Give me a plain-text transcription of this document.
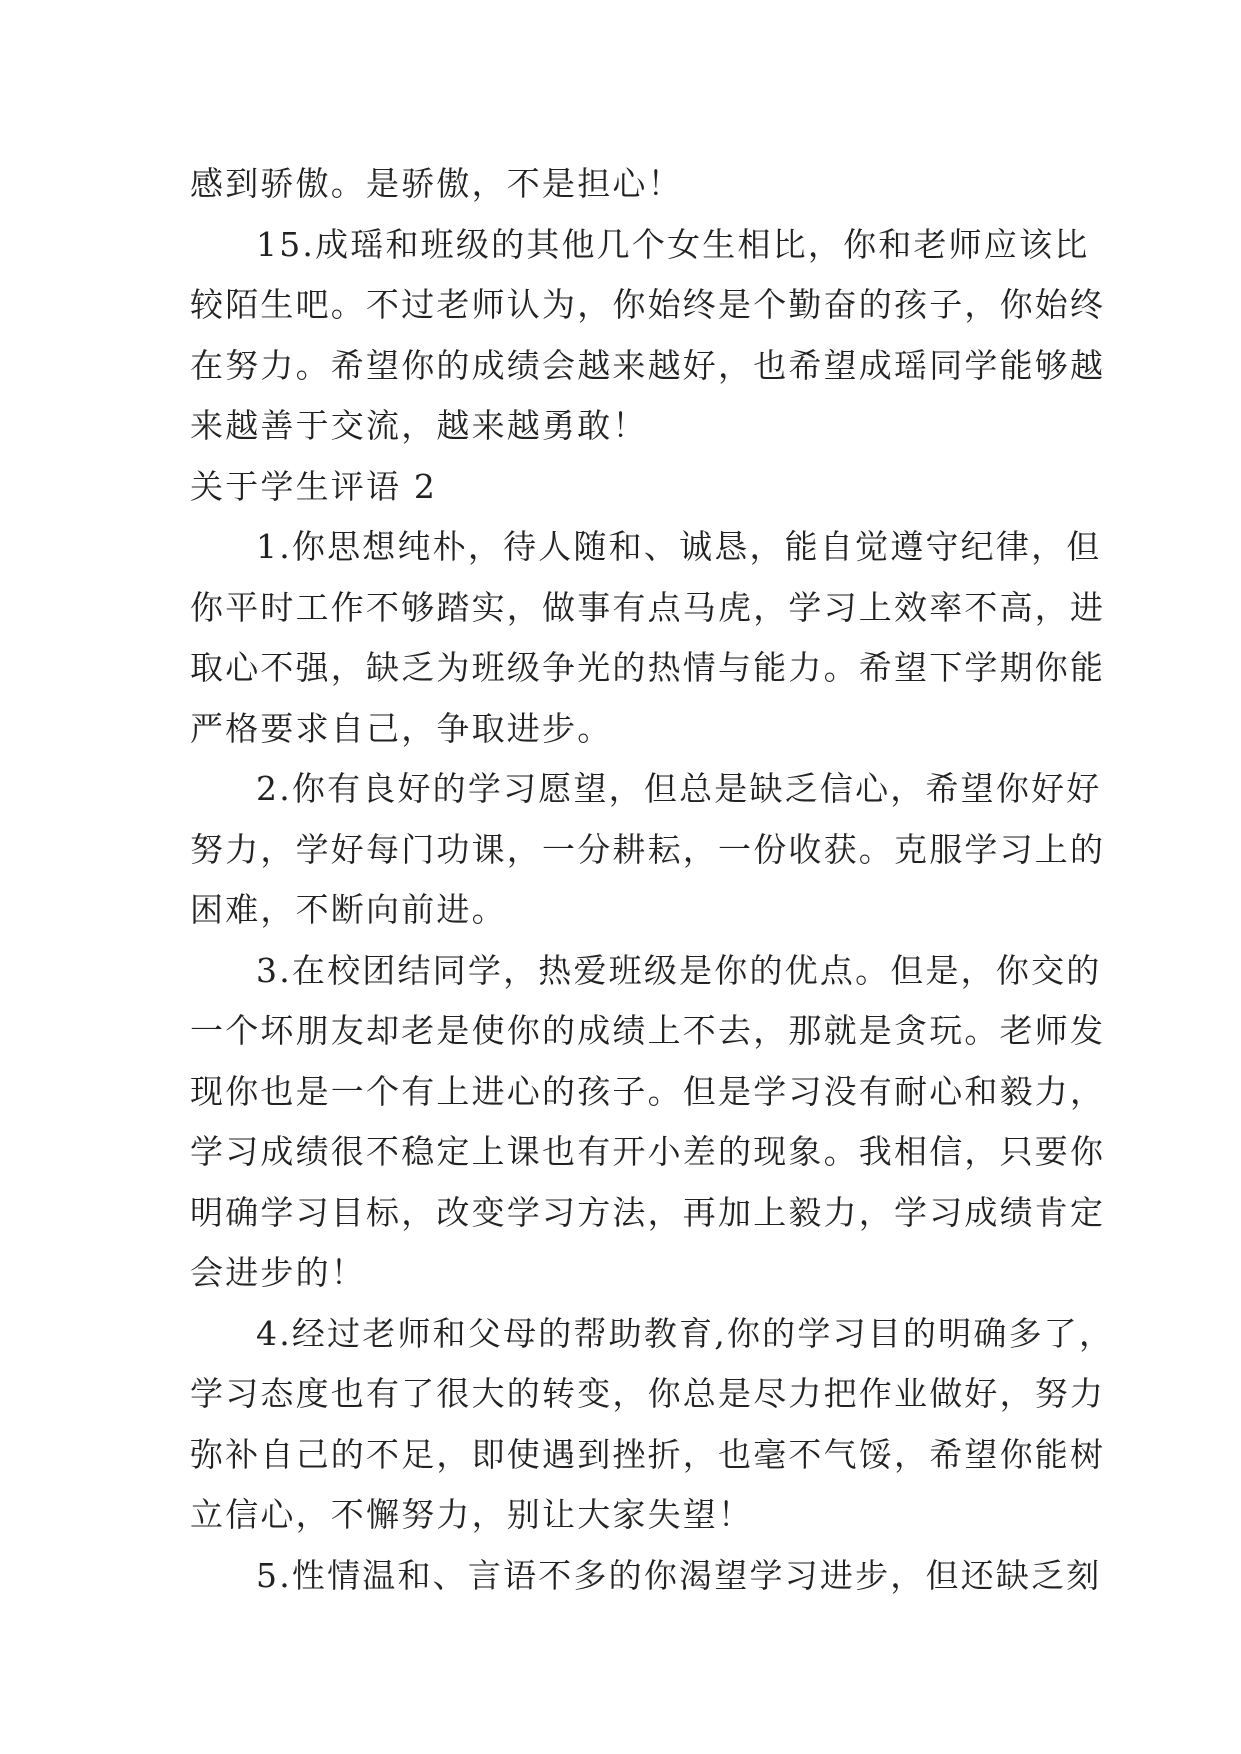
感到骄傲。是骄傲，不是担心！
15.成瑶和班级的其他几个女生相比，你和老师应该比
较陌生吧。不过老师认为，你始终是个勤奋的孩子，你始终
在努力。希望你的成绩会越来越好，也希望成瑶同学能够越
来越善于交流，越来越勇敢！
关于学生评语 2
1.你思想纯朴，待人随和、诚恳，能自觉遵守纪律，但
你平时工作不够踏实，做事有点马虎，学习上效率不高，进
取心不强，缺乏为班级争光的热情与能力。希望下学期你能
严格要求自己，争取进步。
2.你有良好的学习愿望，但总是缺乏信心，希望你好好
努力，学好每门功课，一分耕耘，一份收获。克服学习上的
困难，不断向前进。
3.在校团结同学，热爱班级是你的优点。但是，你交的
一个坏朋友却老是使你的成绩上不去，那就是贪玩。老师发
现你也是一个有上进心的孩子。但是学习没有耐心和毅力，
学习成绩很不稳定上课也有开小差的现象。我相信，只要你
明确学习目标，改变学习方法，再加上毅力，学习成绩肯定
会进步的！
4.经过老师和父母的帮助教育,你的学习目的明确多了，
学习态度也有了很大的转变，你总是尽力把作业做好，努力
弥补自己的不足，即使遇到挫折，也毫不气馁，希望你能树
立信心，不懈努力，别让大家失望！
5.性情温和、言语不多的你渴望学习进步，但还缺乏刻
